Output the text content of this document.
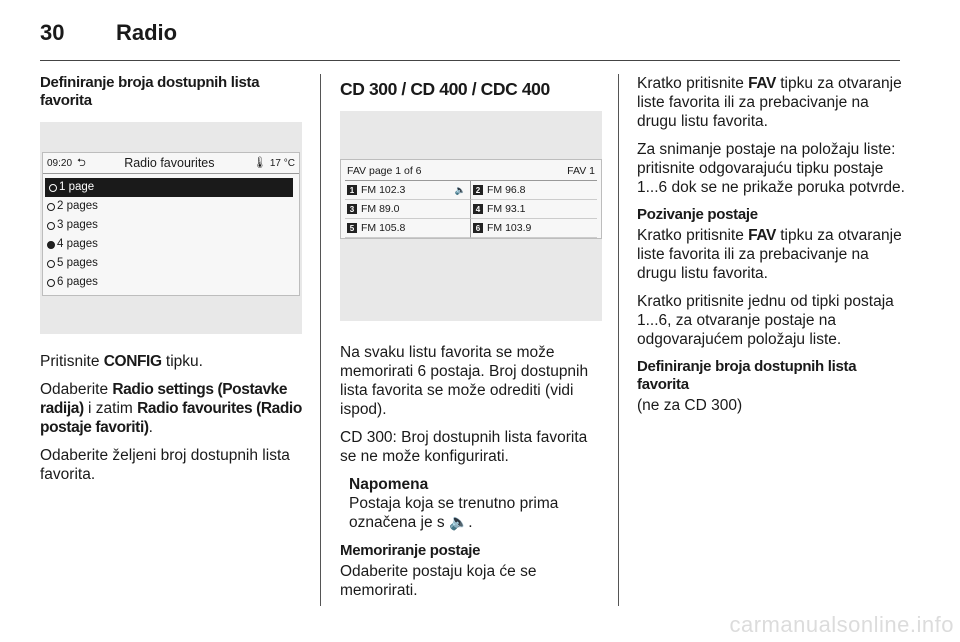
30	Radio
Definiranje broja dostupnih lista favorita
09:20 ⮌	Radio favourites	🌡 17 °C
1 page
2 pages
3 pages
4 pages
5 pages
6 pages

Pritisnite CONFIG tipku.

Odaberite Radio settings (Postavke radija) i zatim Radio favourites (Radio postaje favoriti).

Odaberite željeni broj dostupnih lista favorita.

CD 300 / CD 400 / CDC 400
FAV page 1 of 6	FAV 1
1 FM 102.3	🔈	2 FM 96.8
3 FM 89.0	4 FM 93.1
5 FM 105.8	6 FM 103.9

Na svaku listu favorita se može memorirati 6 postaja. Broj dostupnih lista favorita se može odrediti (vidi ispod).

CD 300: Broj dostupnih lista favorita se ne može konfigurirati.

Napomena
Postaja koja se trenutno prima označena je s 🔈.
Memoriranje postaje

Odaberite postaju koja će se memorirati.

Kratko pritisnite FAV tipku za otvaranje liste favorita ili za prebacivanje na drugu listu favorita.

Za snimanje postaje na položaju liste: pritisnite odgovarajuću tipku postaje 1...6 dok se ne prikaže poruka potvrde.

Pozivanje postaje

Kratko pritisnite FAV tipku za otvaranje liste favorita ili za prebacivanje na drugu listu favorita.

Kratko pritisnite jednu od tipki postaja 1...6, za otvaranje postaje na odgovarajućem položaju liste.

Definiranje broja dostupnih lista favorita

(ne za CD 300)

carmanualsonline.info
